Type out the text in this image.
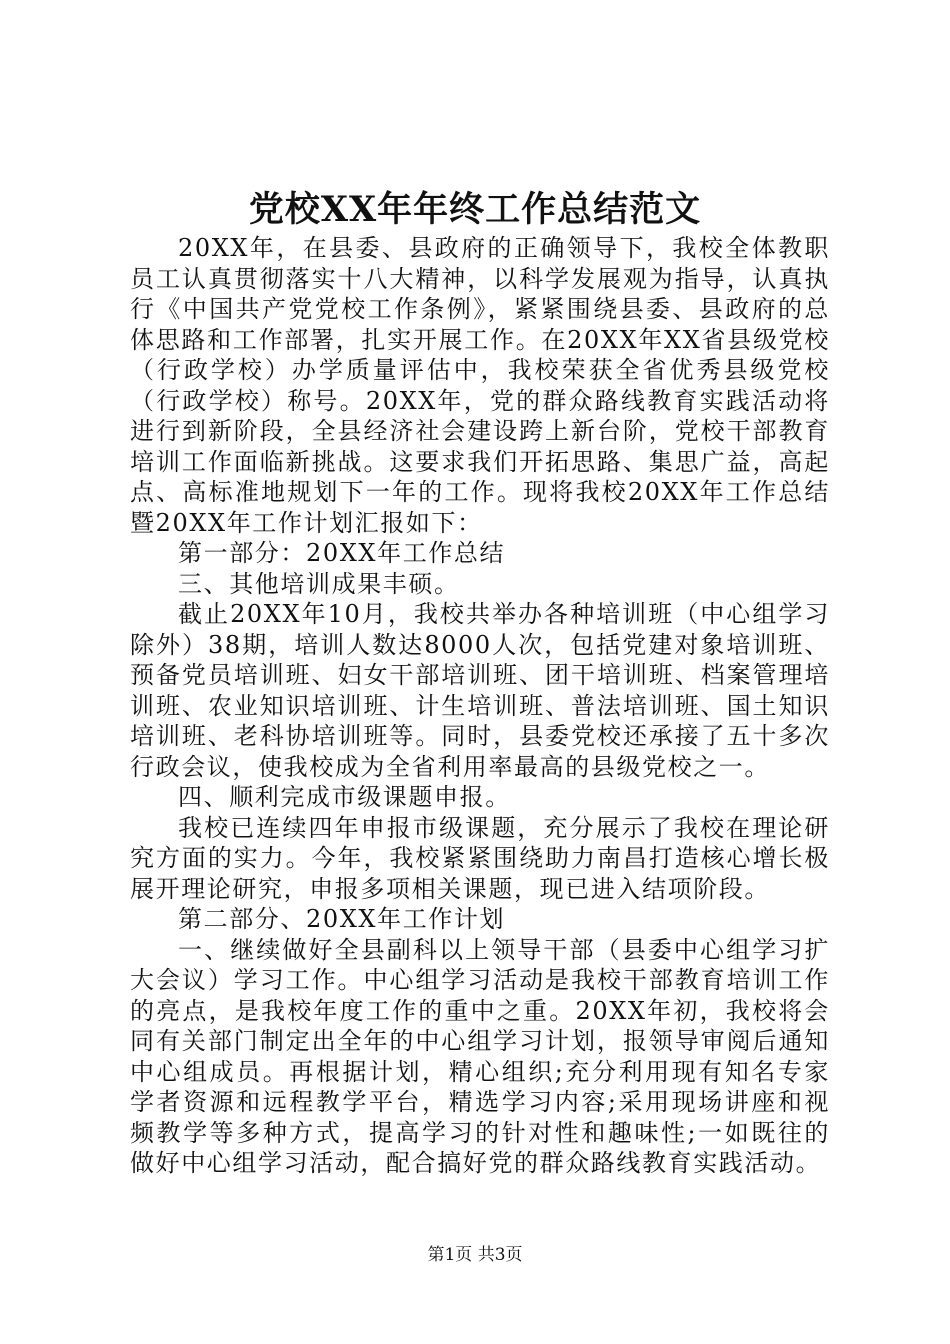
党校XX年年终工作总结范文

20XX年，在县委、县政府的正确领导下，我校全体教职员工认真贯彻落实十八大精神，以科学发展观为指导，认真执行《中国共产党党校工作条例》，紧紧围绕县委、县政府的总体思路和工作部署，扎实开展工作。在20XX年XX省县级党校（行政学校）办学质量评估中，我校荣获全省优秀县级党校（行政学校）称号。20XX年，党的群众路线教育实践活动将进行到新阶段，全县经济社会建设跨上新台阶，党校干部教育培训工作面临新挑战。这要求我们开拓思路、集思广益，高起点、高标准地规划下一年的工作。现将我校20XX年工作总结暨20XX年工作计划汇报如下：

第一部分：20XX年工作总结

三、其他培训成果丰硕。

截止20XX年10月，我校共举办各种培训班（中心组学习除外）38期，培训人数达8000人次，包括党建对象培训班、预备党员培训班、妇女干部培训班、团干培训班、档案管理培训班、农业知识培训班、计生培训班、普法培训班、国土知识培训班、老科协培训班等。同时，县委党校还承接了五十多次行政会议，使我校成为全省利用率最高的县级党校之一。

四、顺利完成市级课题申报。

我校已连续四年申报市级课题，充分展示了我校在理论研究方面的实力。今年，我校紧紧围绕助力南昌打造核心增长极展开理论研究，申报多项相关课题，现已进入结项阶段。

第二部分、20XX年工作计划

一、继续做好全县副科以上领导干部（县委中心组学习扩大会议）学习工作。中心组学习活动是我校干部教育培训工作的亮点，是我校年度工作的重中之重。20XX年初，我校将会同有关部门制定出全年的中心组学习计划，报领导审阅后通知中心组成员。再根据计划，精心组织;充分利用现有知名专家学者资源和远程教学平台，精选学习内容;采用现场讲座和视频教学等多种方式，提高学习的针对性和趣味性;一如既往的做好中心组学习活动，配合搞好党的群众路线教育实践活动。

第1页 共3页
